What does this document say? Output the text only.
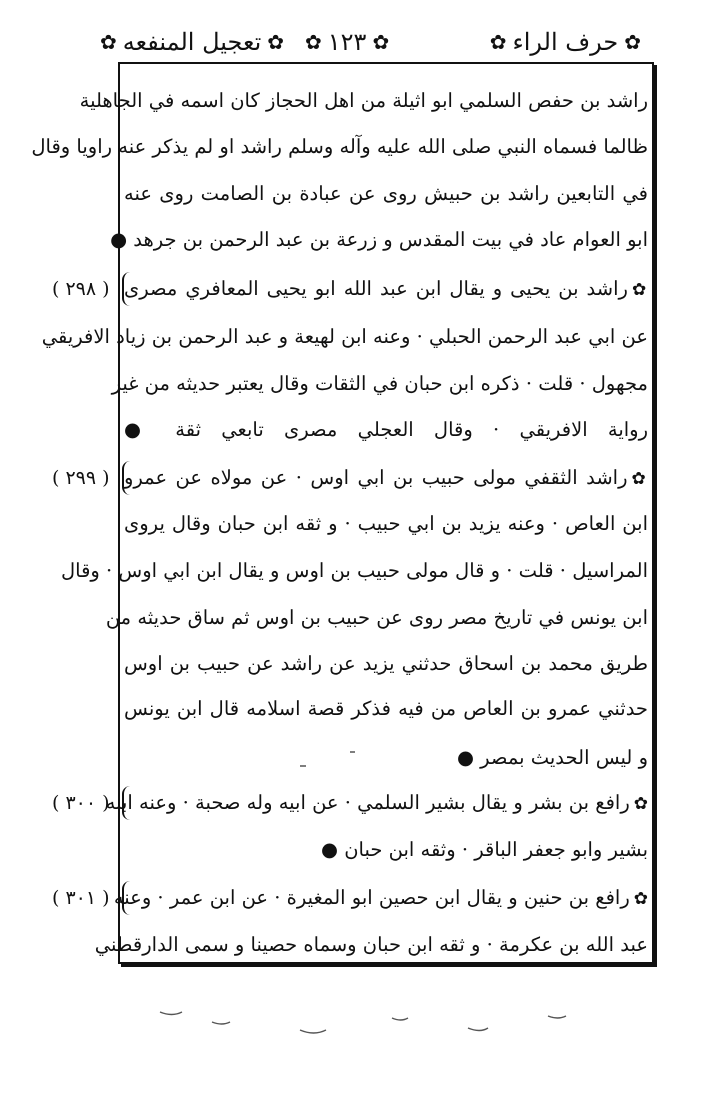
✿
حرف الراء
✿
✿
١٢٣
✿
✿
تعجيل المنفعه
✿
راشد بن حفص السلمي ابو اثيلة من اهل الحجاز كان اسمه في الجاهلية
ظالما فسماه النبي صلى الله عليه وآله وسلم راشد او لم يذكر عنه راويا وقال
في التابعين راشد بن حبيش روى عن عبادة بن الصامت روى عنه
ابو العوام عاد في بيت المقدس و زرعة بن عبد الرحمن بن جرهد ●
✿راشد بن يحيى و يقال ابن عبد الله ابو يحيى المعافري مصرى
عن ابي عبد الرحمن الحبلي · وعنه ابن لهيعة و عبد الرحمن بن زياد الافريقي
مجهول · قلت · ذكره ابن حبان في الثقات وقال يعتبر حديثه من غير
رواية الافريقي · وقال العجلي مصرى تابعي ثقة ●
✿راشد الثقفي مولى حبيب بن ابي اوس · عن مولاه عن عمرو
ابن العاص · وعنه يزيد بن ابي حبيب · و ثقه ابن حبان وقال يروى
المراسيل · قلت · و قال مولى حبيب بن اوس و يقال ابن ابي اوس · وقال
ابن يونس في تاريخ مصر روى عن حبيب بن اوس ثم ساق حديثه من
طريق محمد بن اسحاق حدثني يزيد عن راشد عن حبيب بن اوس
حدثني عمرو بن العاص من فيه فذكر قصة اسلامه قال ابن يونس
و ليس الحديث بمصر ●
✿رافع بن بشر و يقال بشير السلمي · عن ابيه وله صحبة · وعنه ابنه
بشير وابو جعفر الباقر · وثقه ابن حبان ●
✿رافع بن حنين و يقال ابن حصين ابو المغيرة · عن ابن عمر · وعنه
عبد الله بن عكرمة · و ثقه ابن حبان وسماه حصينا و سمى الدارقطني
( ٢٩٨ )
( ٢٩٩ )
( ٣٠٠ )
( ٣٠١ )
